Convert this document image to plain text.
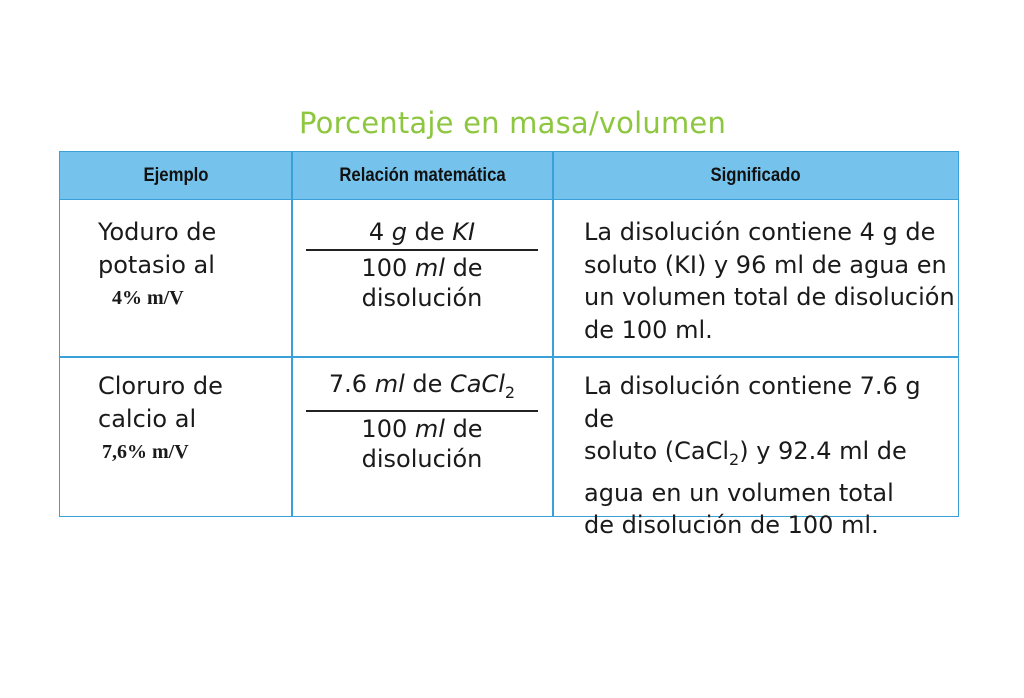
Porcentaje en masa/volumen
Ejemplo	Relación matemática	Significado
Yoduro de
potasio al
4% m/V
4 g de KI
100 ml de disolución
La disolución contiene 4 g de
soluto (KI) y 96 ml de agua en
un volumen total de disolución
de 100 ml.
Cloruro de
calcio al
7,6% m/V
7.6 ml de CaCl$_2$
100 ml de disolución
La disolución contiene 7.6 g de
soluto (CaCl$_2$) y 92.4 ml de
agua en un volumen total
de disolución de 100 ml.
